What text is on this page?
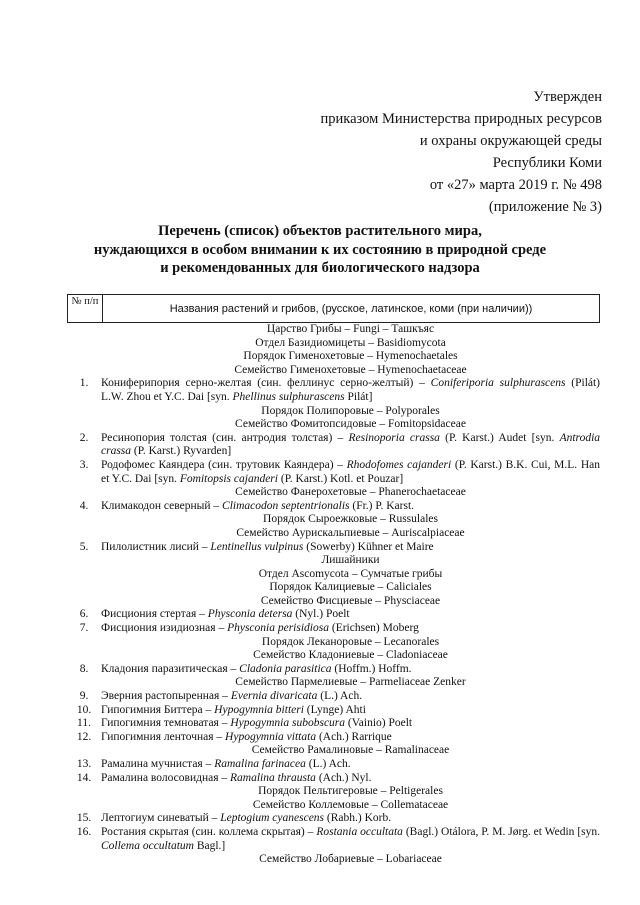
Утвержден
приказом Министерства природных ресурсов
и охраны окружающей среды
Республики Коми
от «27» марта 2019 г. № 498
(приложение № 3)
Перечень (список) объектов растительного мира,
нуждающихся в особом внимании к их состоянию в природной среде
и рекомендованных для биологического надзора
№ п/п
Названия растений и грибов, (русское, латинское, коми (при наличии))
Царство Грибы – Fungi – Ташкъяс
Отдел Базидиомицеты – Basidiomycota
Порядок Гименохетовые – Hymenochaetales
Семейство Гименохетовые – Hymenochaetaceae
1.	Кониферипория серно-желтая (син. феллинус серно-желтый) – Coniferiporia sulphurascens (Pilát) L.W. Zhou et Y.C. Dai [syn. Phellinus sulphurascens Pilát]
Порядок Полипоровые – Polyporales
Семейство Фомитопсидовые – Fomitopsidaceae
2.	Ресинопория толстая (син. антродия толстая) – Resinoporia crassa (P. Karst.) Audet [syn. Antrodia crassa (P. Karst.) Ryvarden]
3.	Родофомес Каяндера (син. трутовик Каяндера) – Rhodofomes cajanderi (P. Karst.) B.K. Cui, M.L. Han et Y.C. Dai [syn. Fomitopsis cajanderi (P. Karst.) Kotl. et Pouzar]
Семейство Фанерохетовые – Phanerochaetaceae
4.	Климакодон северный – Climacodon septentrionalis (Fr.) P. Karst.
Порядок Сыроежковые – Russulales
Семейство Аурискальпиевые – Auriscalpiaceae
5.	Пилолистник лисий – Lentinellus vulpinus (Sowerby) Kühner et Maire
Лишайники
Отдел Ascomycota – Сумчатые грибы
Порядок Калициевые – Caliciales
Семейство Фисциевые – Physciaceae
6.	Фисциония стертая – Physconia detersa (Nyl.) Poelt
7.	Фисциония изидиозная – Physconia perisidiosa (Erichsen) Moberg
Порядок Леканоровые – Lecanorales
Семейство Кладониевые – Cladoniaceae
8.	Кладония паразитическая – Cladonia parasitica (Hoffm.) Hoffm.
Семейство Пармелиевые – Parmeliaceae Zenker
9.	Эверния растопыренная – Evernia divaricata (L.) Ach.
10. Гипогимния Биттера – Hypogymnia bitteri (Lynge) Ahti
11. Гипогимния темноватая – Hypogymnia subobscura (Vainio) Poelt
12. Гипогимния ленточная – Hypogymnia vittata (Ach.) Rarrique
Семейство Рамалиновые – Ramalinaceae
13. Рамалина мучнистая – Ramalina farinacea (L.) Ach.
14. Рамалина волосовидная – Ramalina thrausta (Ach.) Nyl.
Порядок Пельтигеровые – Peltigerales
Семейство Коллемовые – Collemataceae
15. Лептогиум синеватый – Leptogium cyanescens (Rabh.) Korb.
16. Ростания скрытая (син. коллема скрытая) – Rostania occultata (Bagl.) Otálora, P. M. Jørg. et Wedin [syn. Collema occultatum Bagl.]
Семейство Лобариевые – Lobariaceae
